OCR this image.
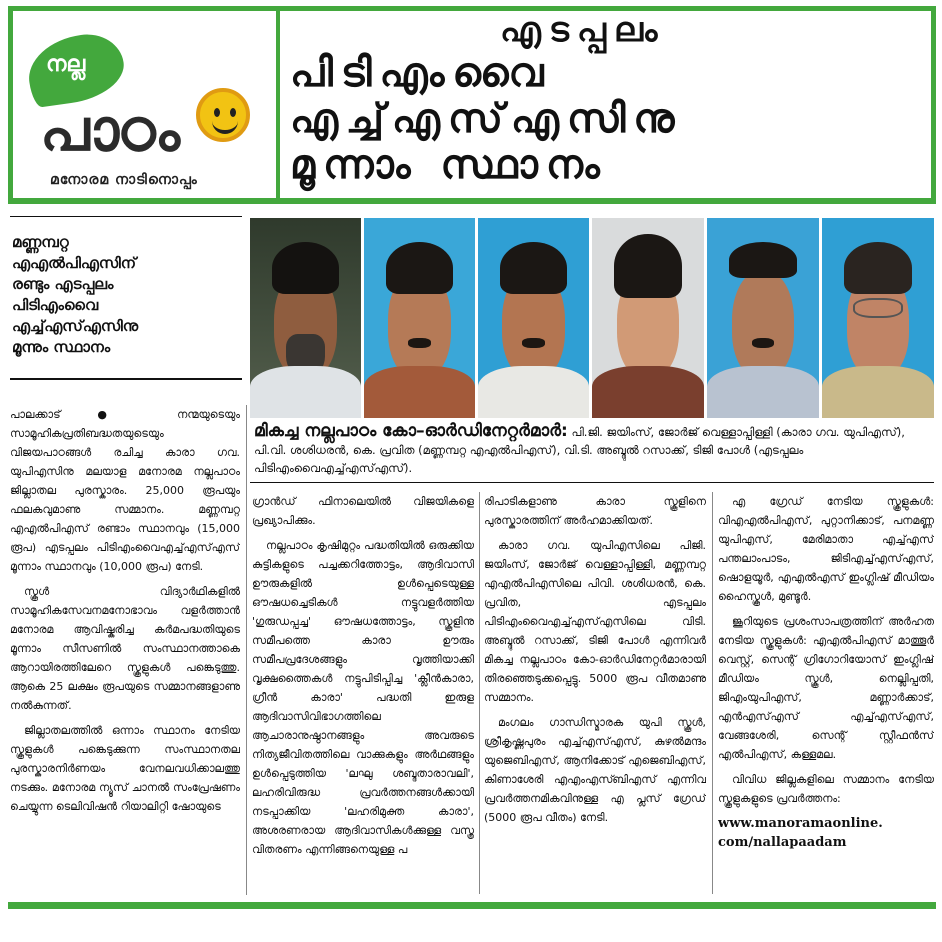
നല്ല
പാഠം
മനോരമ നാടിനൊപ്പം
എടപ്പലം
പിടിഎംവൈ
എച്ച്എസ്എസിനു
മൂന്നാം സ്ഥാനം
മണ്ണമ്പറ്റ
എഎൽപിഎസിന്
രണ്ടും എടപ്പലം
പിടിഎംവൈ
എച്ച്എസ്എസിനു
മൂന്നും സ്ഥാനം
മികച്ച നല്ലപാഠം കോ–ഓർഡിനേറ്റർമാർ: പി.ജി. ജയിംസ്, ജോർജ് വെള്ളാപ്പിള്ളി (കാരാ ഗവ. യുപിഎസ്), പി.വി. ശശിധരൻ, കെ. പ്രവിത (മണ്ണമ്പറ്റ എഎൽപിഎസ്), വി.ടി. അബ്ദുൽ റസാക്ക്, ടിജി പോൾ (എടപ്പലം പിടിഎംവൈഎച്ച്എസ്എസ്).

പാലക്കാട് ● നന്മയുടെയും സാമൂഹികപ്രതിബദ്ധതയുടെയും വിജയപാഠങ്ങൾ രചിച്ച കാരാ ഗവ. യുപിഎസിനു മലയാള മനോരമ നല്ലപാഠം ജില്ലാതല പുരസ്കാരം. 25,000 രൂപയും ഫലകവുമാണു സമ്മാനം. മണ്ണമ്പറ്റ എഎൽപിഎസ് രണ്ടാം സ്ഥാനവും (15,000 രൂപ) എടപ്പലം പിടിഎംവൈഎച്ച്എസ്എസ് മൂന്നാം സ്ഥാനവും (10,000 രൂപ) നേടി.

സ്കൂൾ വിദ്യാർഥികളിൽ സാമൂഹികസേവനമനോഭാവം വളർത്താൻ മനോരമ ആവിഷ്കരിച്ച കർമപദ്ധതിയുടെ മൂന്നാം സീസണിൽ സംസ്ഥാനത്താകെ ആറായിരത്തിലേറെ സ്കൂളുകൾ പങ്കെടുത്തു. ആകെ 25 ലക്ഷം രൂപയുടെ സമ്മാനങ്ങളാണു നൽകുന്നത്.

ജില്ലാതലത്തിൽ ഒന്നാം സ്ഥാനം നേടിയ സ്കൂളുകൾ പങ്കെടുക്കുന്ന സംസ്ഥാനതല പുരസ്കാരനിർണയം വേനലവധിക്കാലത്തു നടക്കും. മനോരമ ന്യൂസ് ചാനൽ സംപ്രേഷണം ചെയ്യുന്ന ടെലിവിഷൻ റിയാലിറ്റി ഷോയുടെ

ഗ്രാൻഡ് ഫിനാലെയിൽ വിജയികളെ പ്രഖ്യാപിക്കും.

നല്ലപാഠം കൃഷിമുറ്റം പദ്ധതിയിൽ ഒരുക്കിയ കുട്ടികളുടെ പച്ചക്കറിത്തോട്ടം, ആദിവാസി ഊരുകളിൽ ഉൾപ്പെടെയുള്ള ഔഷധച്ചെടികൾ നട്ടുവളർത്തിയ 'ഗുരുഡപ്പച്ച' ഔഷധത്തോട്ടം, സ്കൂളിനു സമീപത്തെ കാരാ ഊരും സമീപപ്രദേശങ്ങളും വൃത്തിയാക്കി വൃക്ഷത്തൈകൾ നട്ടുപിടിപ്പിച്ച 'ക്ലീൻകാരാ, ഗ്രീൻ കാരാ' പദ്ധതി ഇരുള ആദിവാസിവിഭാഗത്തിലെ ആചാരാനുഷ്ഠാനങ്ങളും അവരുടെ നിത്യജീവിതത്തിലെ വാക്കുകളും അർഥങ്ങളും ഉൾപ്പെടുത്തിയ 'ലഘു ശബ്ദതാരാവലി', ലഹരിവിരുദ്ധ പ്രവർത്തനങ്ങൾക്കായി നടപ്പാക്കിയ 'ലഹരിമുക്ത കാരാ', അശരണരായ ആദിവാസികൾക്കുള്ള വസ്ത്ര വിതരണം എന്നിങ്ങനെയുള്ള പ

രിപാടികളാണു കാരാ സ്കൂളിനെ പുരസ്കാരത്തിന് അർഹമാക്കിയത്.

കാരാ ഗവ. യുപിഎസിലെ പിജി. ജയിംസ്, ജോർജ് വെള്ളാപ്പിള്ളി, മണ്ണമ്പറ്റ എഎൽപിഎസിലെ പിവി. ശശിധരൻ, കെ. പ്രവിത, എടപ്പലം പിടിഎംവൈഎച്ച്എസ്എസിലെ വിടി. അബ്ദുൽ റസാക്ക്, ടിജി പോൾ എന്നിവർ മികച്ച നല്ലപാഠം കോ-ഓർഡിനേറ്റർമാരായി തിരഞ്ഞെടുക്കപ്പെട്ടു. 5000 രൂപ വീതമാണു സമ്മാനം.

മംഗലം ഗാന്ധിസ്മാരക യുപി സ്കൂൾ, ശ്രീകൃഷ്ണപുരം എച്ച്എസ്എസ്, കുഴൽമന്ദം യുജെബിഎസ്, ആനിക്കോട് എജെബിഎസ്, കിണാശേരി എഎംഎസ്ബിഎസ് എന്നിവ പ്രവർത്തനമികവിനുള്ള എ പ്ലസ് ഗ്രേഡ് (5000 രൂപ വീതം) നേടി.

എ ഗ്രേഡ് നേടിയ സ്കൂളുകൾ: വിഎഎൽപിഎസ്, പുറ്റാനിക്കാട്, പനമണ്ണ യുപിഎസ്, മേരിമാതാ എച്ച്എസ് പന്തലാംപാടം, ജിടിഎച്ച്എസ്എസ്, ഷൊളയൂർ, എഎൽഎസ് ഇംഗ്ലിഷ് മീഡിയം ഹൈസ്കൂൾ, മുണ്ടൂർ.

ജൂറിയുടെ പ്രശംസാപത്രത്തിന് അർഹത നേടിയ സ്കൂളുകൾ: എഎൽപിഎസ് മാത്തൂർ വെസ്റ്റ്, സെന്റ് ഗ്രിഗോറിയോസ് ഇംഗ്ലിഷ് മീഡിയം സ്കൂൾ, നെല്ലിപ്പതി, ജിഎംയുപിഎസ്, മണ്ണാർക്കാട്, എൻഎസ്എസ് എച്ച്എസ്എസ്, വേങ്ങശേരി, സെന്റ് സ്റ്റീഫൻസ് എൽപിഎസ്, കള്ളമല.

വിവിധ ജില്ലകളിലെ സമ്മാനം നേടിയ സ്കൂളുകളുടെ പ്രവർത്തനം:

www.manoramaonline.
com/nallapaadam
